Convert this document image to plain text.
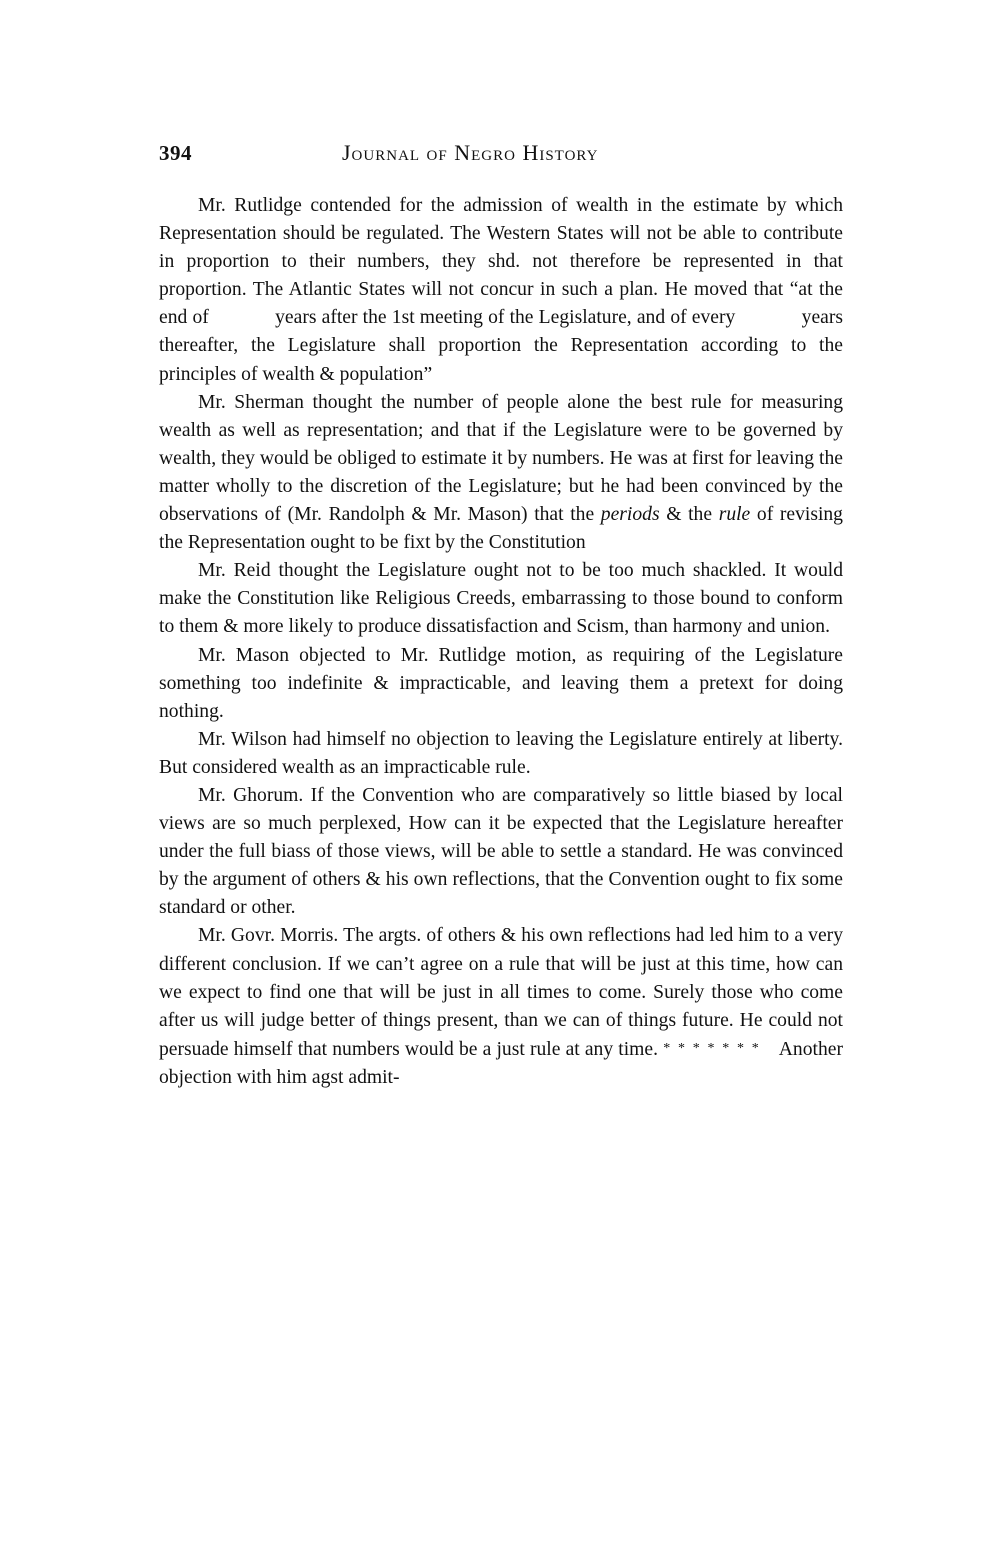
394	Journal of Negro History

Mr. Rutlidge contended for the admission of wealth in the estimate by which Representation should be regulated. The Western States will not be able to contribute in proportion to their numbers, they shd. not therefore be represented in that proportion. The Atlantic States will not concur in such a plan. He moved that “at the end of	years after the 1st meeting of the Legislature, and of every	years thereafter, the Legislature shall proportion the Representation according to the principles of wealth & population”

Mr. Sherman thought the number of people alone the best rule for measuring wealth as well as representation; and that if the Legislature were to be governed by wealth, they would be obliged to estimate it by numbers. He was at first for leaving the matter wholly to the discretion of the Legislature; but he had been convinced by the observations of (Mr. Randolph & Mr. Mason) that the periods & the rule of revising the Representation ought to be fixt by the Constitution

Mr. Reid thought the Legislature ought not to be too much shackled. It would make the Constitution like Religious Creeds, embarrassing to those bound to conform to them & more likely to produce dissatisfaction and Scism, than harmony and union.

Mr. Mason objected to Mr. Rutlidge motion, as requiring of the Legislature something too indefinite & impracticable, and leaving them a pretext for doing nothing.

Mr. Wilson had himself no objection to leaving the Legislature entirely at liberty. But considered wealth as an impracticable rule.

Mr. Ghorum. If the Convention who are comparatively so little biased by local views are so much perplexed, How can it be expected that the Legislature hereafter under the full biass of those views, will be able to settle a standard. He was convinced by the argument of others & his own reflections, that the Convention ought to fix some standard or other.

Mr. Govr. Morris. The argts. of others & his own reflections had led him to a very different conclusion. If we can’t agree on a rule that will be just at this time, how can we expect to find one that will be just in all times to come. Surely those who come after us will judge better of things present, than we can of things future. He could not persuade himself that numbers would be a just rule at any time. * * * * * * * Another objection with him agst admit-
